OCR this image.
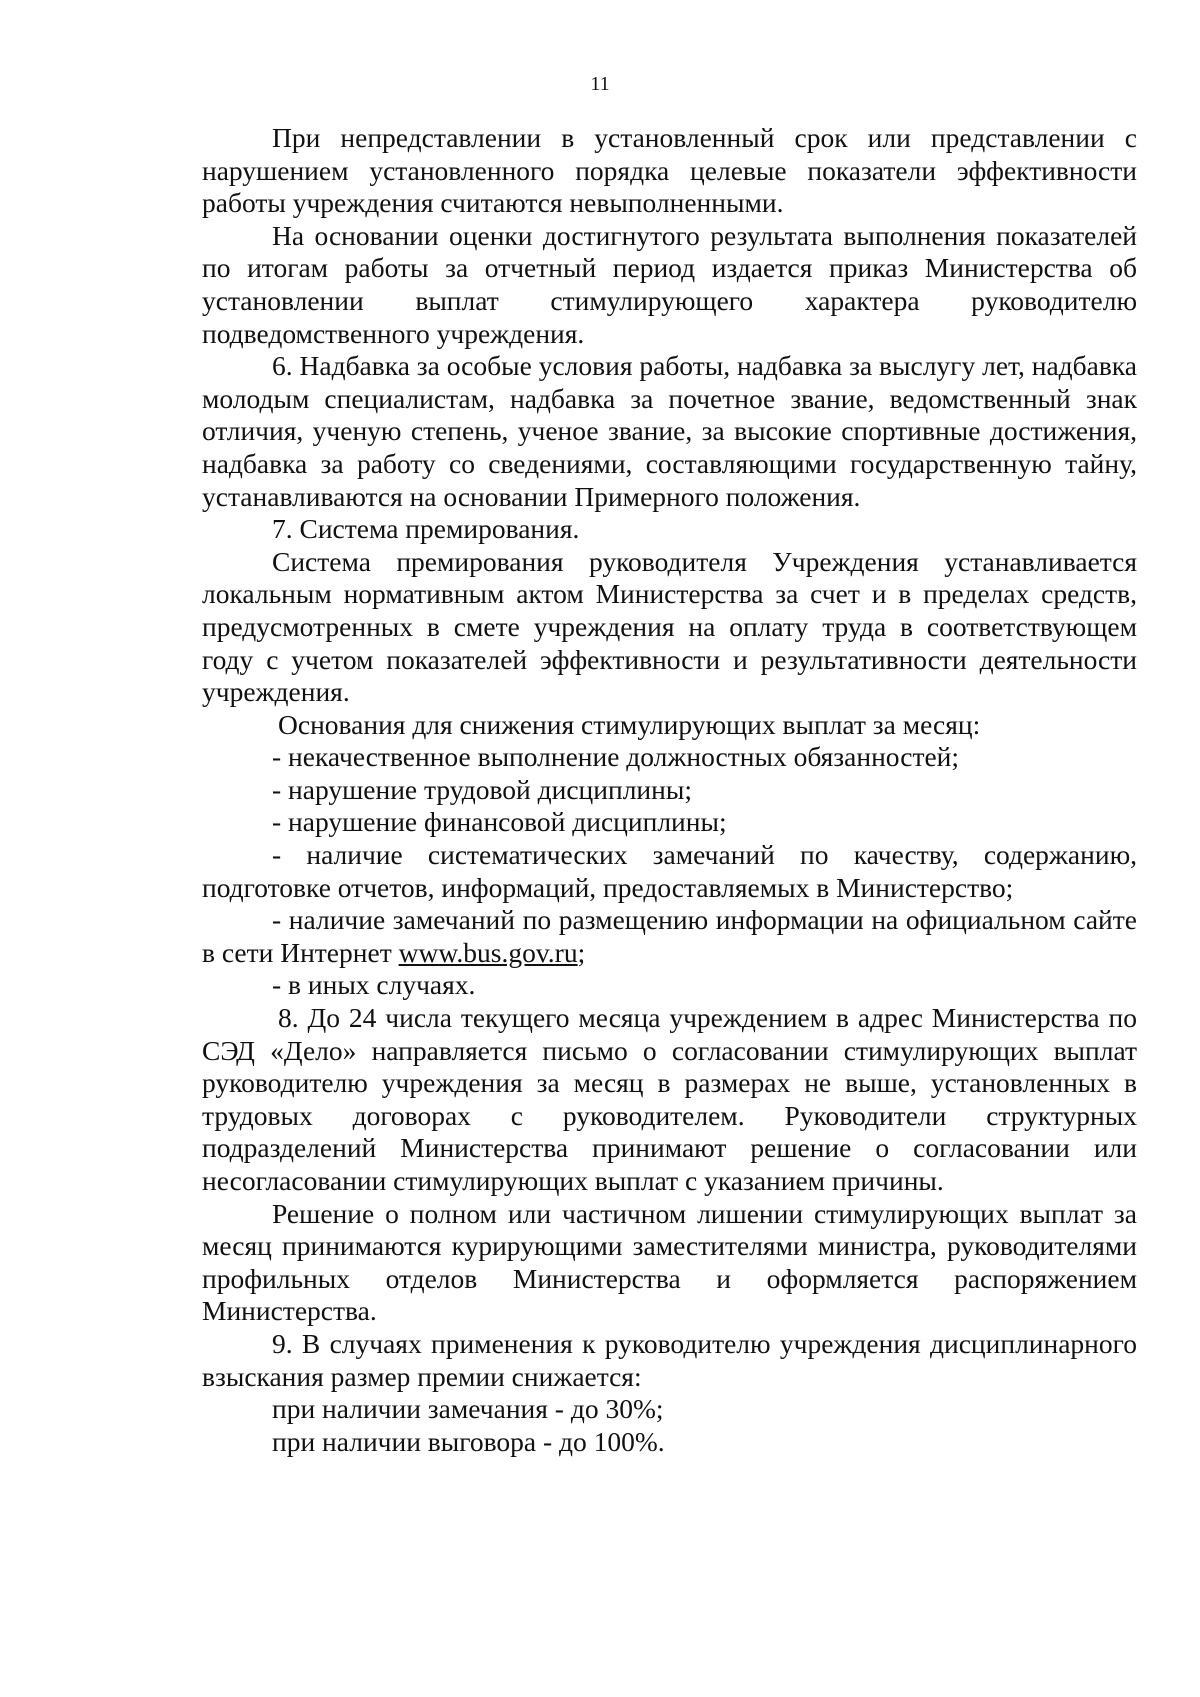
11

При непредставлении в установленный срок или представлении с нарушением установленного порядка целевые показатели эффективности работы учреждения считаются невыполненными.

На основании оценки достигнутого результата выполнения показателей по итогам работы за отчетный период издается приказ Министерства об установлении выплат стимулирующего характера руководителю подведомственного учреждения.

6. Надбавка за особые условия работы, надбавка за выслугу лет, надбавка молодым специалистам, надбавка за почетное звание, ведомственный знак отличия, ученую степень, ученое звание, за высокие спортивные достижения, надбавка за работу со сведениями, составляющими государственную тайну, устанавливаются на основании Примерного положения.

7. Система премирования.

Система премирования руководителя Учреждения устанавливается локальным нормативным актом Министерства за счет и в пределах средств, предусмотренных в смете учреждения на оплату труда в соответствующем году с учетом показателей эффективности и результативности деятельности учреждения.

Основания для снижения стимулирующих выплат за месяц:

- некачественное выполнение должностных обязанностей;

- нарушение трудовой дисциплины;

- нарушение финансовой дисциплины;

- наличие систематических замечаний по качеству, содержанию, подготовке отчетов, информаций, предоставляемых в Министерство;

- наличие замечаний по размещению информации на официальном сайте в сети Интернет www.bus.gov.ru;

- в иных случаях.

8. До 24 числа текущего месяца учреждением в адрес Министерства по СЭД «Дело» направляется письмо о согласовании стимулирующих выплат руководителю учреждения за месяц в размерах не выше, установленных в трудовых договорах с руководителем. Руководители структурных подразделений Министерства принимают решение о согласовании или несогласовании стимулирующих выплат с указанием причины.

Решение о полном или частичном лишении стимулирующих выплат за месяц принимаются курирующими заместителями министра, руководителями профильных отделов Министерства и оформляется распоряжением Министерства.

9. В случаях применения к руководителю учреждения дисциплинарного взыскания размер премии снижается:

при наличии замечания - до 30%;

при наличии выговора - до 100%.
